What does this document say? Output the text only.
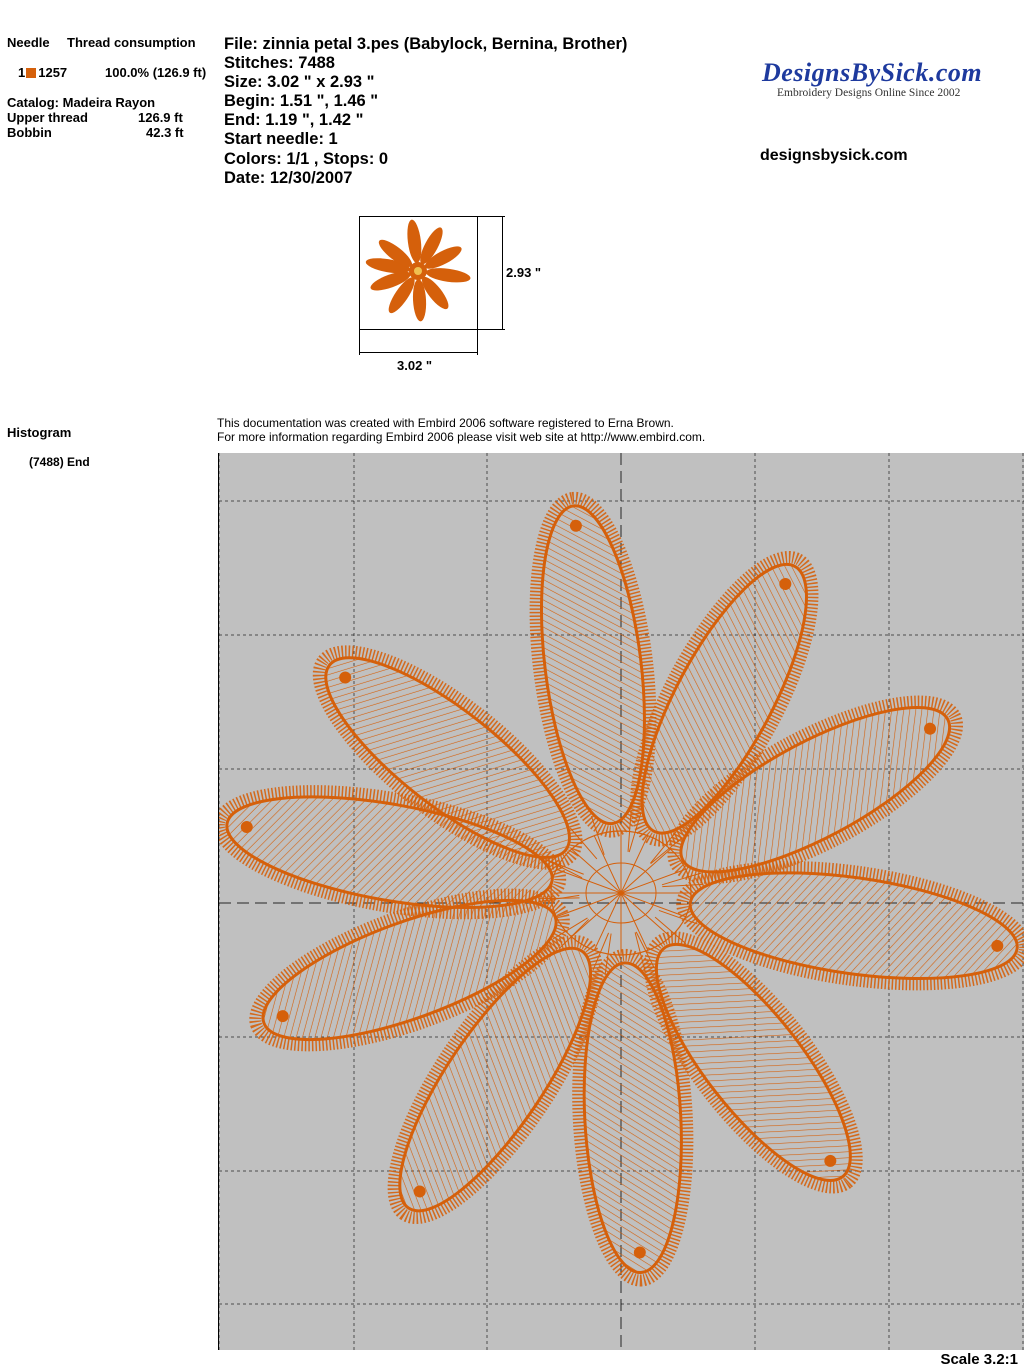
Needle Thread consumption
1 1257	100.0% (126.9 ft)
Catalog: Madeira Rayon
Upper thread	126.9 ft
Bobbin	42.3 ft
File: zinnia petal 3.pes (Babylock, Bernina, Brother)
Stitches: 7488
Size: 3.02 " x 2.93 "
Begin: 1.51 ", 1.46 "
End: 1.19 ", 1.42 "
Start needle: 1
Colors: 1/1 , Stops: 0
Date: 12/30/2007
DesignsBySick.com
Embroidery Designs Online Since 2002
designsbysick.com
2.93 "
3.02 "
Histogram
(7488) End
This documentation was created with Embird 2006 software registered to Erna Brown.
For more information regarding Embird 2006 please visit web site at http://www.embird.com.
Scale 3.2:1
